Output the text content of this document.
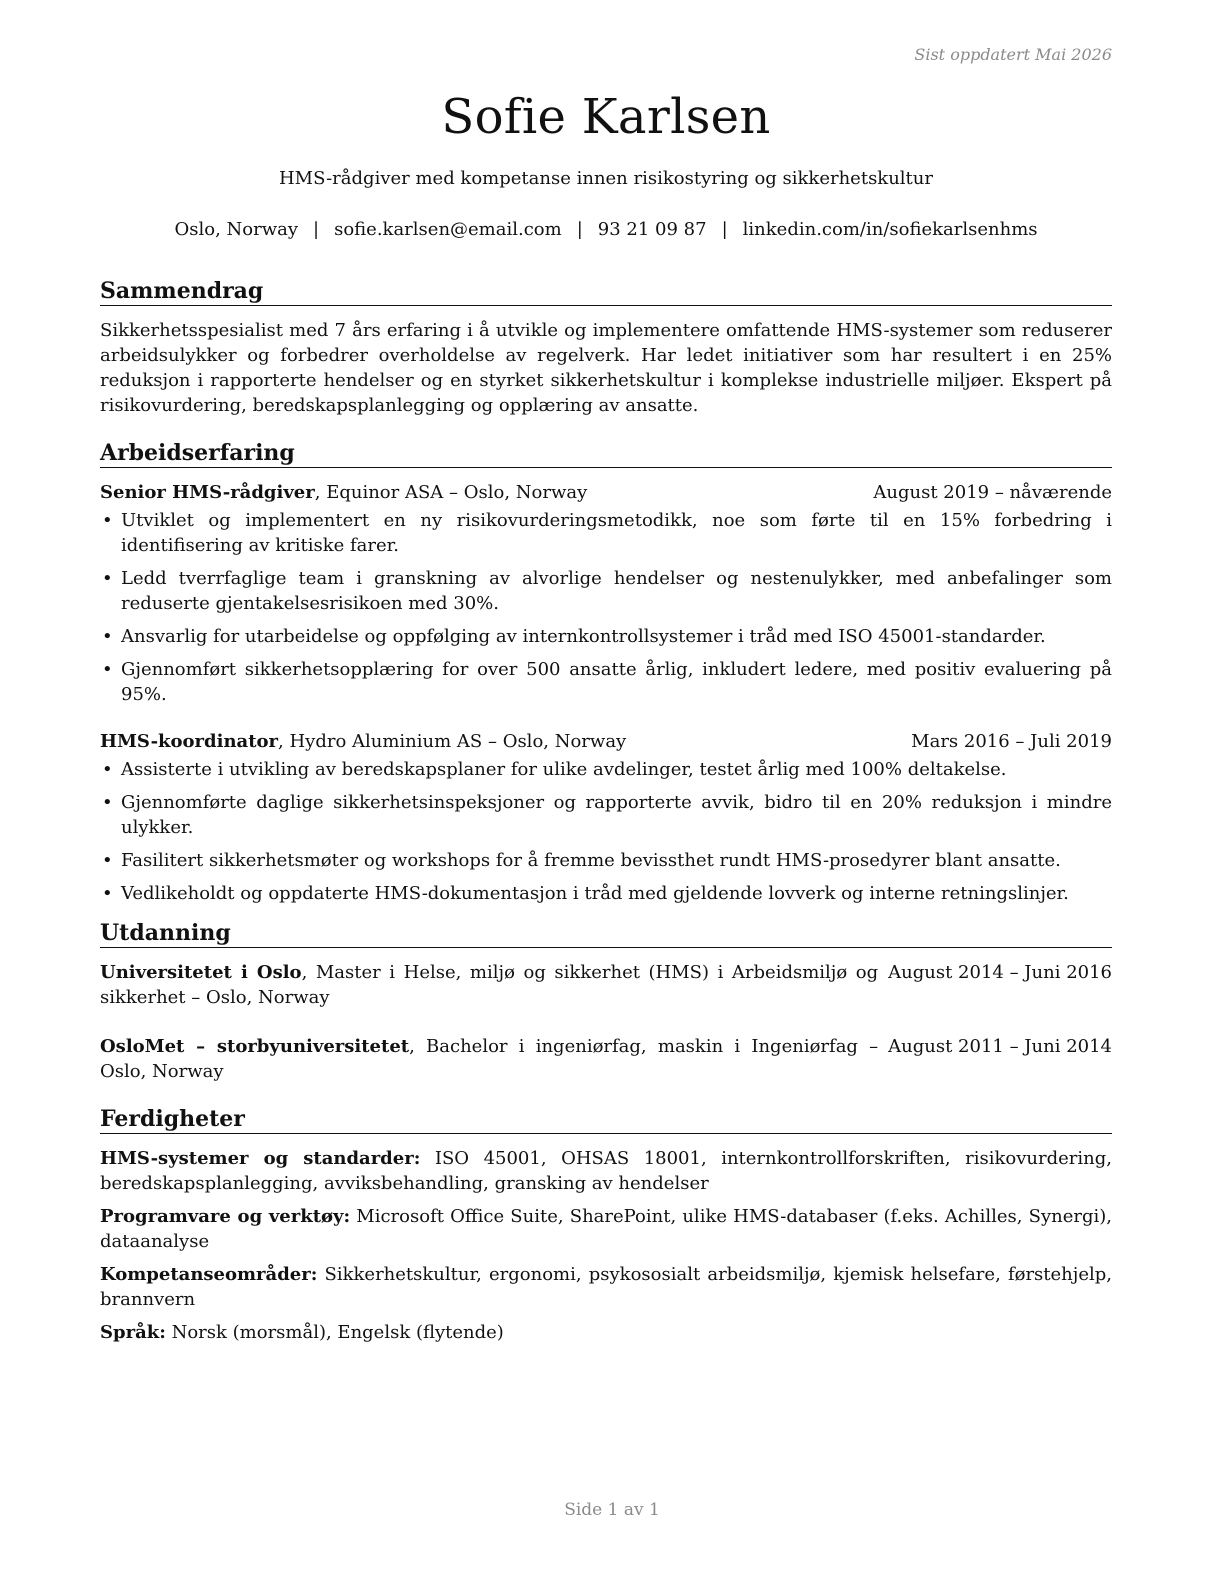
Sist oppdatert Mai 2026
Sofie Karlsen
HMS-rådgiver med kompetanse innen risikostyring og sikkerhetskultur
Oslo, Norway | sofie.karlsen@email.com | 93 21 09 87 | linkedin.com/in/sofiekarlsenhms
Sammendrag
Sikkerhetsspesialist med 7 års erfaring i å utvikle og implementere omfattende HMS-systemer som reduserer arbeidsulykker og forbedrer overholdelse av regelverk. Har ledet initiativer som har resultert i en 25% reduksjon i rapporterte hendelser og en styrket sikkerhetskultur i komplekse industrielle miljøer. Ekspert på risikovurdering, beredskapsplanlegging og opplæring av ansatte.
Arbeidserfaring
Senior HMS-rådgiver, Equinor ASA – Oslo, Norway	August 2019 – nåværende
• Utviklet og implementert en ny risikovurderingsmetodikk, noe som førte til en 15% forbedring i identifisering av kritiske farer.
• Ledd tverrfaglige team i granskning av alvorlige hendelser og nestenulykker, med anbefalinger som reduserte gjentakelsesrisikoen med 30%.
• Ansvarlig for utarbeidelse og oppfølging av internkontrollsystemer i tråd med ISO 45001-standarder.
• Gjennomført sikkerhetsopplæring for over 500 ansatte årlig, inkludert ledere, med positiv evaluering på 95%.
HMS-koordinator, Hydro Aluminium AS – Oslo, Norway	Mars 2016 – Juli 2019
• Assisterte i utvikling av beredskapsplaner for ulike avdelinger, testet årlig med 100% deltakelse.
• Gjennomførte daglige sikkerhetsinspeksjoner og rapporterte avvik, bidro til en 20% reduksjon i mindre ulykker.
• Fasilitert sikkerhetsmøter og workshops for å fremme bevissthet rundt HMS-prosedyrer blant ansatte.
• Vedlikeholdt og oppdaterte HMS-dokumentasjon i tråd med gjeldende lovverk og interne retningslinjer.
Utdanning
Universitetet i Oslo, Master i Helse, miljø og sikkerhet (HMS) i Arbeidsmiljø og sikkerhet – Oslo, Norway
August 2014 – Juni 2016
OsloMet – storbyuniversitetet, Bachelor i ingeniørfag, maskin i Ingeniørfag – Oslo, Norway
August 2011 – Juni 2014
Ferdigheter
HMS-systemer og standarder: ISO 45001, OHSAS 18001, internkontrollforskriften, risikovurdering, beredskapsplanlegging, avviksbehandling, gransking av hendelser
Programvare og verktøy: Microsoft Office Suite, SharePoint, ulike HMS-databaser (f.eks. Achilles, Synergi), dataanalyse
Kompetanseområder: Sikkerhetskultur, ergonomi, psykososialt arbeidsmiljø, kjemisk helsefare, førstehjelp, brannvern
Språk: Norsk (morsmål), Engelsk (flytende)
Side 1 av 1
